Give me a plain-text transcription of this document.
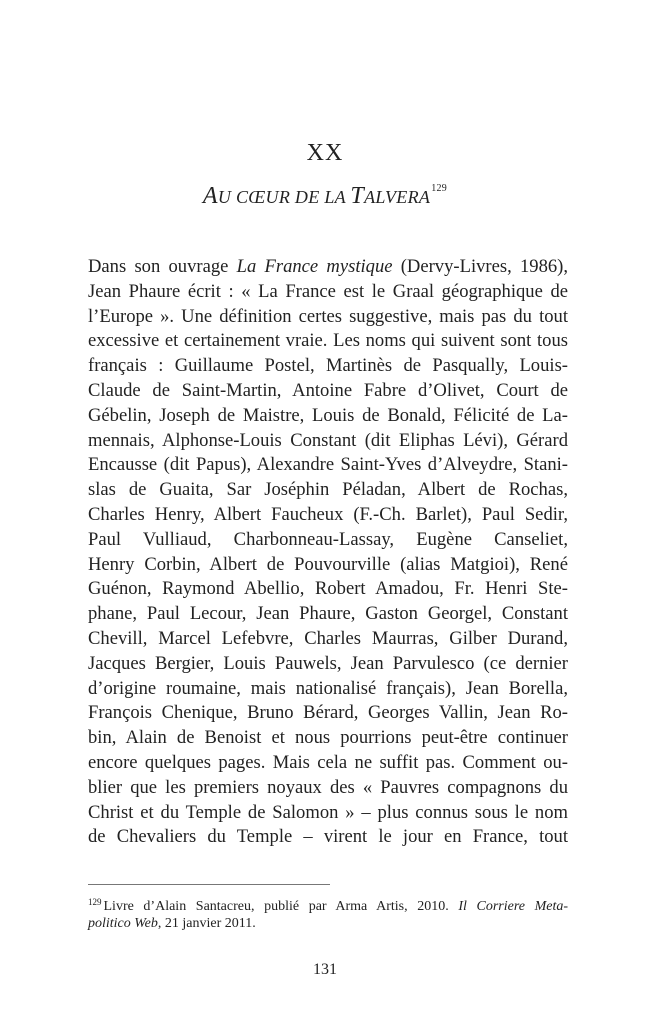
XX
AU CŒUR DE LA TALVERA$^{129}$
Dans son ouvrage La France mystique (Dervy-Livres, 1986),
Jean Phaure écrit : « La France est le Graal géographique de
l’Europe ». Une définition certes suggestive, mais pas du tout
excessive et certainement vraie. Les noms qui suivent sont tous
français : Guillaume Postel, Martinès de Pasqually, Louis-
Claude de Saint-Martin, Antoine Fabre d’Olivet, Court de
Gébelin, Joseph de Maistre, Louis de Bonald, Félicité de La-
mennais, Alphonse-Louis Constant (dit Eliphas Lévi), Gérard
Encausse (dit Papus), Alexandre Saint-Yves d’Alveydre, Stani-
slas de Guaita, Sar Joséphin Péladan, Albert de Rochas,
Charles Henry, Albert Faucheux (F.-Ch. Barlet), Paul Sedir,
Paul Vulliaud, Charbonneau-Lassay, Eugène Canseliet,
Henry Corbin, Albert de Pouvourville (alias Matgioi), René
Guénon, Raymond Abellio, Robert Amadou, Fr. Henri Ste-
phane, Paul Lecour, Jean Phaure, Gaston Georgel, Constant
Chevill, Marcel Lefebvre, Charles Maurras, Gilber Durand,
Jacques Bergier, Louis Pauwels, Jean Parvulesco (ce dernier
d’origine roumaine, mais nationalisé français), Jean Borella,
François Chenique, Bruno Bérard, Georges Vallin, Jean Ro-
bin, Alain de Benoist et nous pourrions peut-être continuer
encore quelques pages. Mais cela ne suffit pas. Comment ou-
blier que les premiers noyaux des « Pauvres compagnons du
Christ et du Temple de Salomon » – plus connus sous le nom
de Chevaliers du Temple – virent le jour en France, tout
$^{129}$ Livre d’Alain Santacreu, publié par Arma Artis, 2010. Il Corriere Meta-
politico Web, 21 janvier 2011.
131
